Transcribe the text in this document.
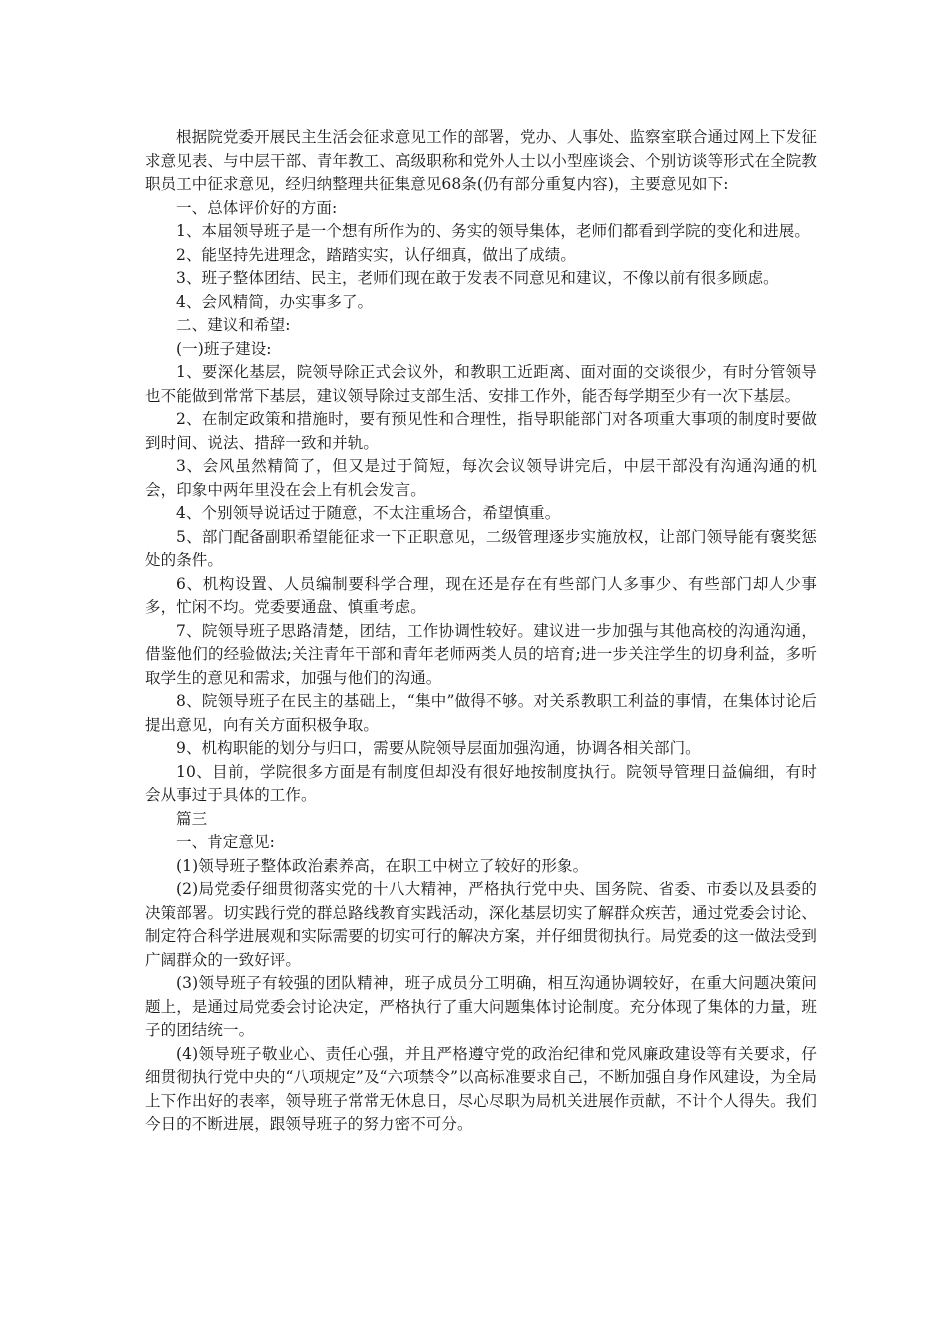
根据院党委开展民主生活会征求意见工作的部署，党办、人事处、监察室联合通过网上下发征求意见表、与中层干部、青年教工、高级职称和党外人士以小型座谈会、个别访谈等形式在全院教职员工中征求意见，经归纳整理共征集意见68条(仍有部分重复内容)，主要意见如下:

一、总体评价好的方面:

1、本届领导班子是一个想有所作为的、务实的领导集体，老师们都看到学院的变化和进展。

2、能坚持先进理念，踏踏实实，认仔细真，做出了成绩。

3、班子整体团结、民主，老师们现在敢于发表不同意见和建议，不像以前有很多顾虑。

4、会风精简，办实事多了。

二、建议和希望:

(一)班子建设:

1、要深化基层，院领导除正式会议外，和教职工近距离、面对面的交谈很少，有时分管领导也不能做到常常下基层，建议领导除过支部生活、安排工作外，能否每学期至少有一次下基层。

2、在制定政策和措施时，要有预见性和合理性，指导职能部门对各项重大事项的制度时要做到时间、说法、措辞一致和并轨。

3、会风虽然精简了，但又是过于简短，每次会议领导讲完后，中层干部没有沟通沟通的机会，印象中两年里没在会上有机会发言。

4、个别领导说话过于随意，不太注重场合，希望慎重。

5、部门配备副职希望能征求一下正职意见，二级管理逐步实施放权，让部门领导能有褒奖惩处的条件。

6、机构设置、人员编制要科学合理，现在还是存在有些部门人多事少、有些部门却人少事多，忙闲不均。党委要通盘、慎重考虑。

7、院领导班子思路清楚，团结，工作协调性较好。建议进一步加强与其他高校的沟通沟通，借鉴他们的经验做法;关注青年干部和青年老师两类人员的培育;进一步关注学生的切身利益，多听取学生的意见和需求，加强与他们的沟通。

8、院领导班子在民主的基础上，“集中”做得不够。对关系教职工利益的事情，在集体讨论后提出意见，向有关方面积极争取。

9、机构职能的划分与归口，需要从院领导层面加强沟通，协调各相关部门。

10、目前，学院很多方面是有制度但却没有很好地按制度执行。院领导管理日益偏细，有时会从事过于具体的工作。

篇三

一、肯定意见:

(1)领导班子整体政治素养高，在职工中树立了较好的形象。

(2)局党委仔细贯彻落实党的十八大精神，严格执行党中央、国务院、省委、市委以及县委的决策部署。切实践行党的群总路线教育实践活动，深化基层切实了解群众疾苦，通过党委会讨论、制定符合科学进展观和实际需要的切实可行的解决方案，并仔细贯彻执行。局党委的这一做法受到广阔群众的一致好评。

(3)领导班子有较强的团队精神，班子成员分工明确，相互沟通协调较好，在重大问题决策问题上，是通过局党委会讨论决定，严格执行了重大问题集体讨论制度。充分体现了集体的力量，班子的团结统一。

(4)领导班子敬业心、责任心强，并且严格遵守党的政治纪律和党风廉政建设等有关要求，仔细贯彻执行党中央的“八项规定”及“六项禁令”以高标准要求自己，不断加强自身作风建设，为全局上下作出好的表率，领导班子常常无休息日，尽心尽职为局机关进展作贡献，不计个人得失。我们今日的不断进展，跟领导班子的努力密不可分。
